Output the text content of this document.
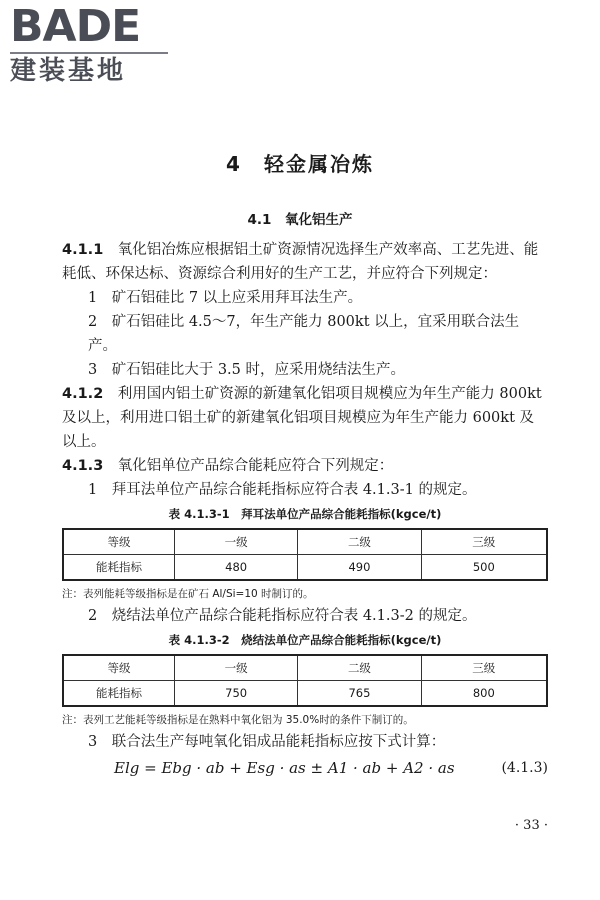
BADE
建装基地
4　轻金属冶炼
4.1　氧化铝生产

4.1.1　 氧化铝冶炼应根据铝土矿资源情况选择生产效率高、工艺先进、能耗低、环保达标、资源综合利用好的生产工艺，并应符合下列规定：

1　矿石铝硅比 7 以上应采用拜耳法生产。

2　矿石铝硅比 4.5～7，年生产能力 800kt 以上，宜采用联合法生产。

3　矿石铝硅比大于 3.5 时，应采用烧结法生产。

4.1.2　 利用国内铝土矿资源的新建氧化铝项目规模应为年生产能力 800kt 及以上，利用进口铝土矿的新建氧化铝项目规模应为年生产能力 600kt 及以上。

4.1.3　 氧化铝单位产品综合能耗应符合下列规定：

1　拜耳法单位产品综合能耗指标应符合表 4.1.3-1 的规定。

表 4.1.3-1　拜耳法单位产品综合能耗指标(kgce/t)
等级	一级	二级	三级
能耗指标	480	490	500
注：表列能耗等级指标是在矿石 Al/Si=10 时制订的。

2　烧结法单位产品综合能耗指标应符合表 4.1.3-2 的规定。

表 4.1.3-2　烧结法单位产品综合能耗指标(kgce/t)
等级	一级	二级	三级
能耗指标	750	765	800
注：表列工艺能耗等级指标是在熟料中氧化铝为 35.0%时的条件下制订的。

3　联合法生产每吨氧化铝成品能耗指标应按下式计算：

Elg = Ebg · ab + Esg · as ± A1 · ab + A2 · as	(4.1.3)
· 33 ·
